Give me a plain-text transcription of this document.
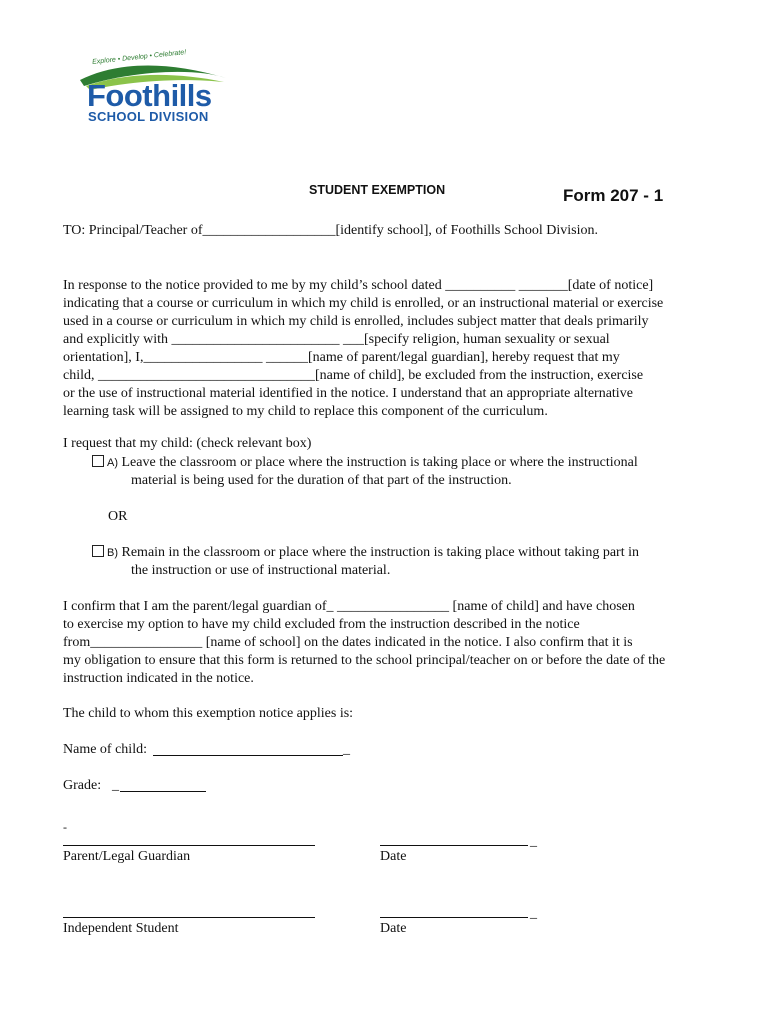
Explore • Develop • Celebrate!
Foothills
SCHOOL DIVISION
STUDENT EXEMPTION	Form 207 - 1
TO: Principal/Teacher of___________________[identify school], of Foothills School Division.
In response to the notice provided to me by my child’s school dated __________ _______[date of notice]
indicating that a course or curriculum in which my child is enrolled, or an instructional material or exercise
used in a course or curriculum in which my child is enrolled, includes subject matter that deals primarily
and explicitly with ________________________ ___[specify religion, human sexuality or sexual
orientation], I,_________________ ______[name of parent/legal guardian], hereby request that my
child, _______________________________[name of child], be excluded from the instruction, exercise
or the use of instructional material identified in the notice. I understand that an appropriate alternative
learning task will be assigned to my child to replace this component of the curriculum.
I request that my child: (check relevant box)
A) Leave the classroom or place where the instruction is taking place or where the instructional
material is being used for the duration of that part of the instruction.
OR
B) Remain in the classroom or place where the instruction is taking place without taking part in
the instruction or use of instructional material.
I confirm that I am the parent/legal guardian of_ ________________ [name of child] and have chosen
to exercise my option to have my child excluded from the instruction described in the notice
from________________ [name of school] on the dates indicated in the notice. I also confirm that it is
my obligation to ensure that this form is returned to the school principal/teacher on or before the date of the
instruction indicated in the notice.
The child to whom this exemption notice applies is:
Name of child:	_
Grade: _
-
_
Parent/Legal Guardian	Date
_
Independent Student	Date
